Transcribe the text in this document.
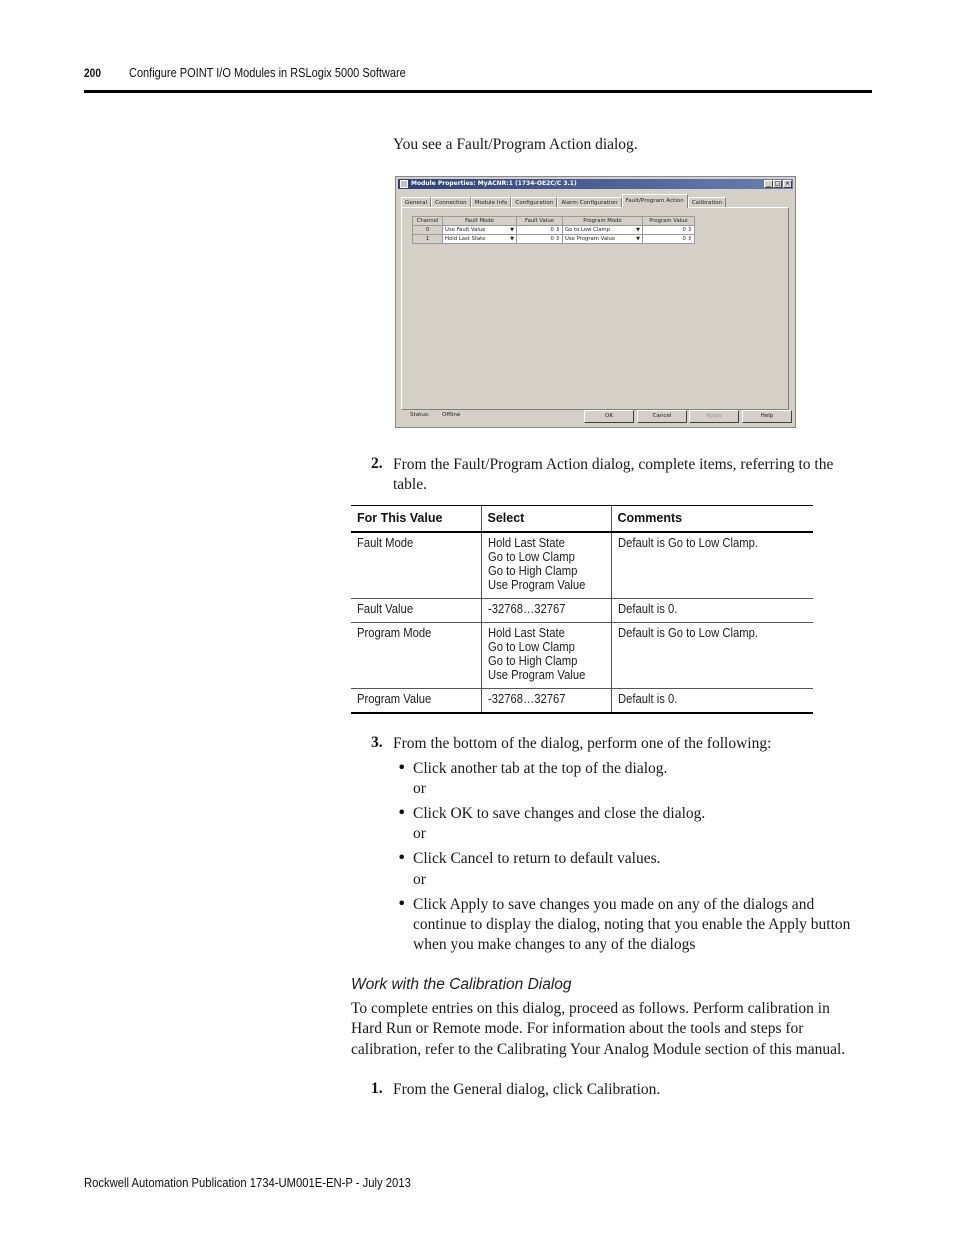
200 Configure POINT I/O Modules in RSLogix 5000 Software
You see a Fault/Program Action dialog.
Module Properties: MyACNR:1 (1734-OE2C/C 3.1)	_ □ ×
General	Connection	Module Info	Configuration	Alarm Configuration	Fault/Program Action	Calibration
Channel	Fault Mode	Fault Value	Program Mode	Program Value
0	Use Fault Value ▼	0 ⇕	Go to Low Clamp ▼	0 ⇕
1	Hold Last State ▼	0 ⇕	Use Program Value ▼	0 ⇕
Status: Offline	OK	Cancel	Apply	Help
2. From the Fault/Program Action dialog, complete items, referring to the
table.
For This Value	Select	Comments
Fault Mode	Hold Last State
Go to Low Clamp
Go to High Clamp
Use Program Value	Default is Go to Low Clamp.
Fault Value	-32768…32767	Default is 0.
Program Mode	Hold Last State
Go to Low Clamp
Go to High Clamp
Use Program Value	Default is Go to Low Clamp.
Program Value	-32768…32767	Default is 0.
3. From the bottom of the dialog, perform one of the following:
• Click another tab at the top of the dialog.
or
• Click OK to save changes and close the dialog.
or
• Click Cancel to return to default values.
or
• Click Apply to save changes you made on any of the dialogs and
continue to display the dialog, noting that you enable the Apply button
when you make changes to any of the dialogs
Work with the Calibration Dialog
To complete entries on this dialog, proceed as follows. Perform calibration in
Hard Run or Remote mode. For information about the tools and steps for
calibration, refer to the Calibrating Your Analog Module section of this manual.
1. From the General dialog, click Calibration.
Rockwell Automation Publication 1734-UM001E-EN-P - July 2013
